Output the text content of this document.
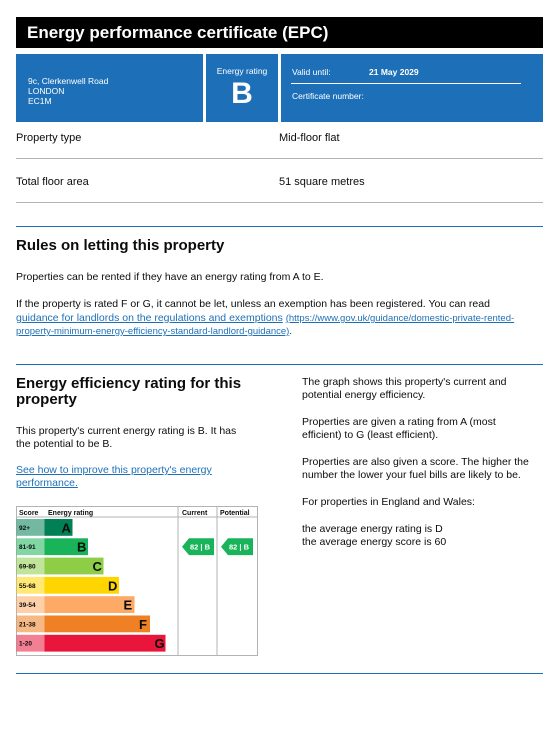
Energy performance certificate (EPC)
9c, Clerkenwell Road
LONDON
EC1M
Energy rating
B
Valid until:	21 May 2029
Certificate number:
Property type	Mid-floor flat
Total floor area	51 square metres
Rules on letting this property
Properties can be rented if they have an energy rating from A to E.
If the property is rated F or G, it cannot be let, unless an exemption has been registered. You can read
guidance for landlords on the regulations and exemptions (https://www.gov.uk/guidance/domestic-private-rented-
property-minimum-energy-efficiency-standard-landlord-guidance).
Energy efficiency rating for this
property
This property's current energy rating is B. It has
the potential to be B.
See how to improve this property's energy
performance.
The graph shows this property's current and
potential energy efficiency.
Properties are given a rating from A (most
efficient) to G (least efficient).
Properties are also given a score. The higher the
number the lower your fuel bills are likely to be.
For properties in England and Wales:
the average energy rating is D
the average energy score is 60
Score Energy rating	Current Potential
92+ A
81-91	B
69-80	C
55-68	D
39-54	E
21-38	F
1-20	G
82 | B	82 | B
